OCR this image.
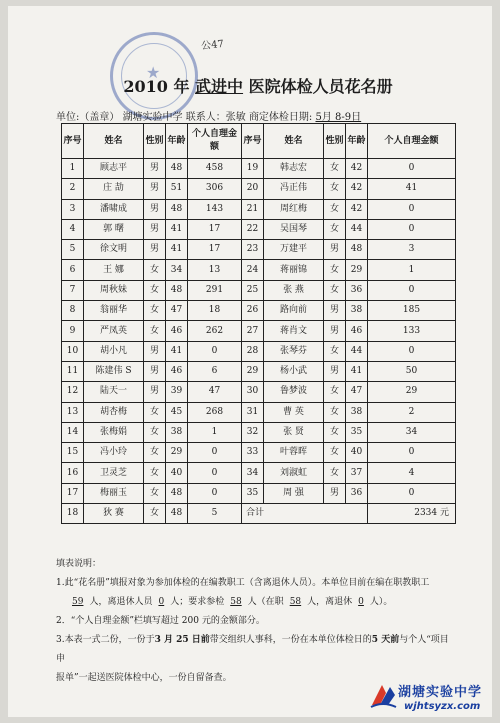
公47
★
2010 年 武进中 医院体检人员花名册
单位:（盖章） 湖塘实验中学 联系人：张敏 商定体检日期: 5月 8-9日
序号	姓名	性别	年龄	个人自理金额	序号	姓名	性别	年龄	个人自理金额
1	顾志平	男	48	458	19	韩志宏	女	42	0
2	庄 劼	男	51	306	20	冯正伟	女	42	41
3	潘啸成	男	48	143	21	周红梅	女	42	0
4	郭 曙	男	41	17	22	吴国琴	女	44	0
5	徐文明	男	41	17	23	万建平	男	48	3
6	王 娜	女	34	13	24	蒋丽锦	女	29	1
7	周秋妹	女	48	291	25	张 燕	女	36	0
8	翁丽华	女	47	18	26	路向前	男	38	185
9	严凤英	女	46	262	27	蒋肖文	男	46	133
10	胡小凡	男	41	0	28	张琴芬	女	44	0
11	陈建伟 S	男	46	6	29	杨小武	男	41	50
12	陆天一	男	39	47	30	鲁梦波	女	47	29
13	胡杏梅	女	45	268	31	曹 英	女	38	2
14	张梅娟	女	38	1	32	张 贤	女	35	34
15	冯小玲	女	29	0	33	叶蓉晖	女	40	0
16	卫灵芝	女	40	0	34	刘淑虹	女	37	4
17	梅丽玉	女	48	0	35	周 强	男	36	0
18	狄 赛	女	48	5	合计				2334 元
填表说明：
1.此“花名册”填报对象为参加体检的在编教职工（含离退休人员）。本单位目前在编在职教职工
59 人，离退休人员 0 人；要求参检 58 人（在职 58 人，离退休 0 人）。
2．“个人自理金额”栏填写超过 200 元的金额部分。
3.本表一式二份，一份于3 月 25 日前带交组织人事科，一份在本单位体检日的5 天前与个人“项目申
报单”一起送医院体检中心，一份自留备查。
湖塘实验中学
wjhtsyzx.com
